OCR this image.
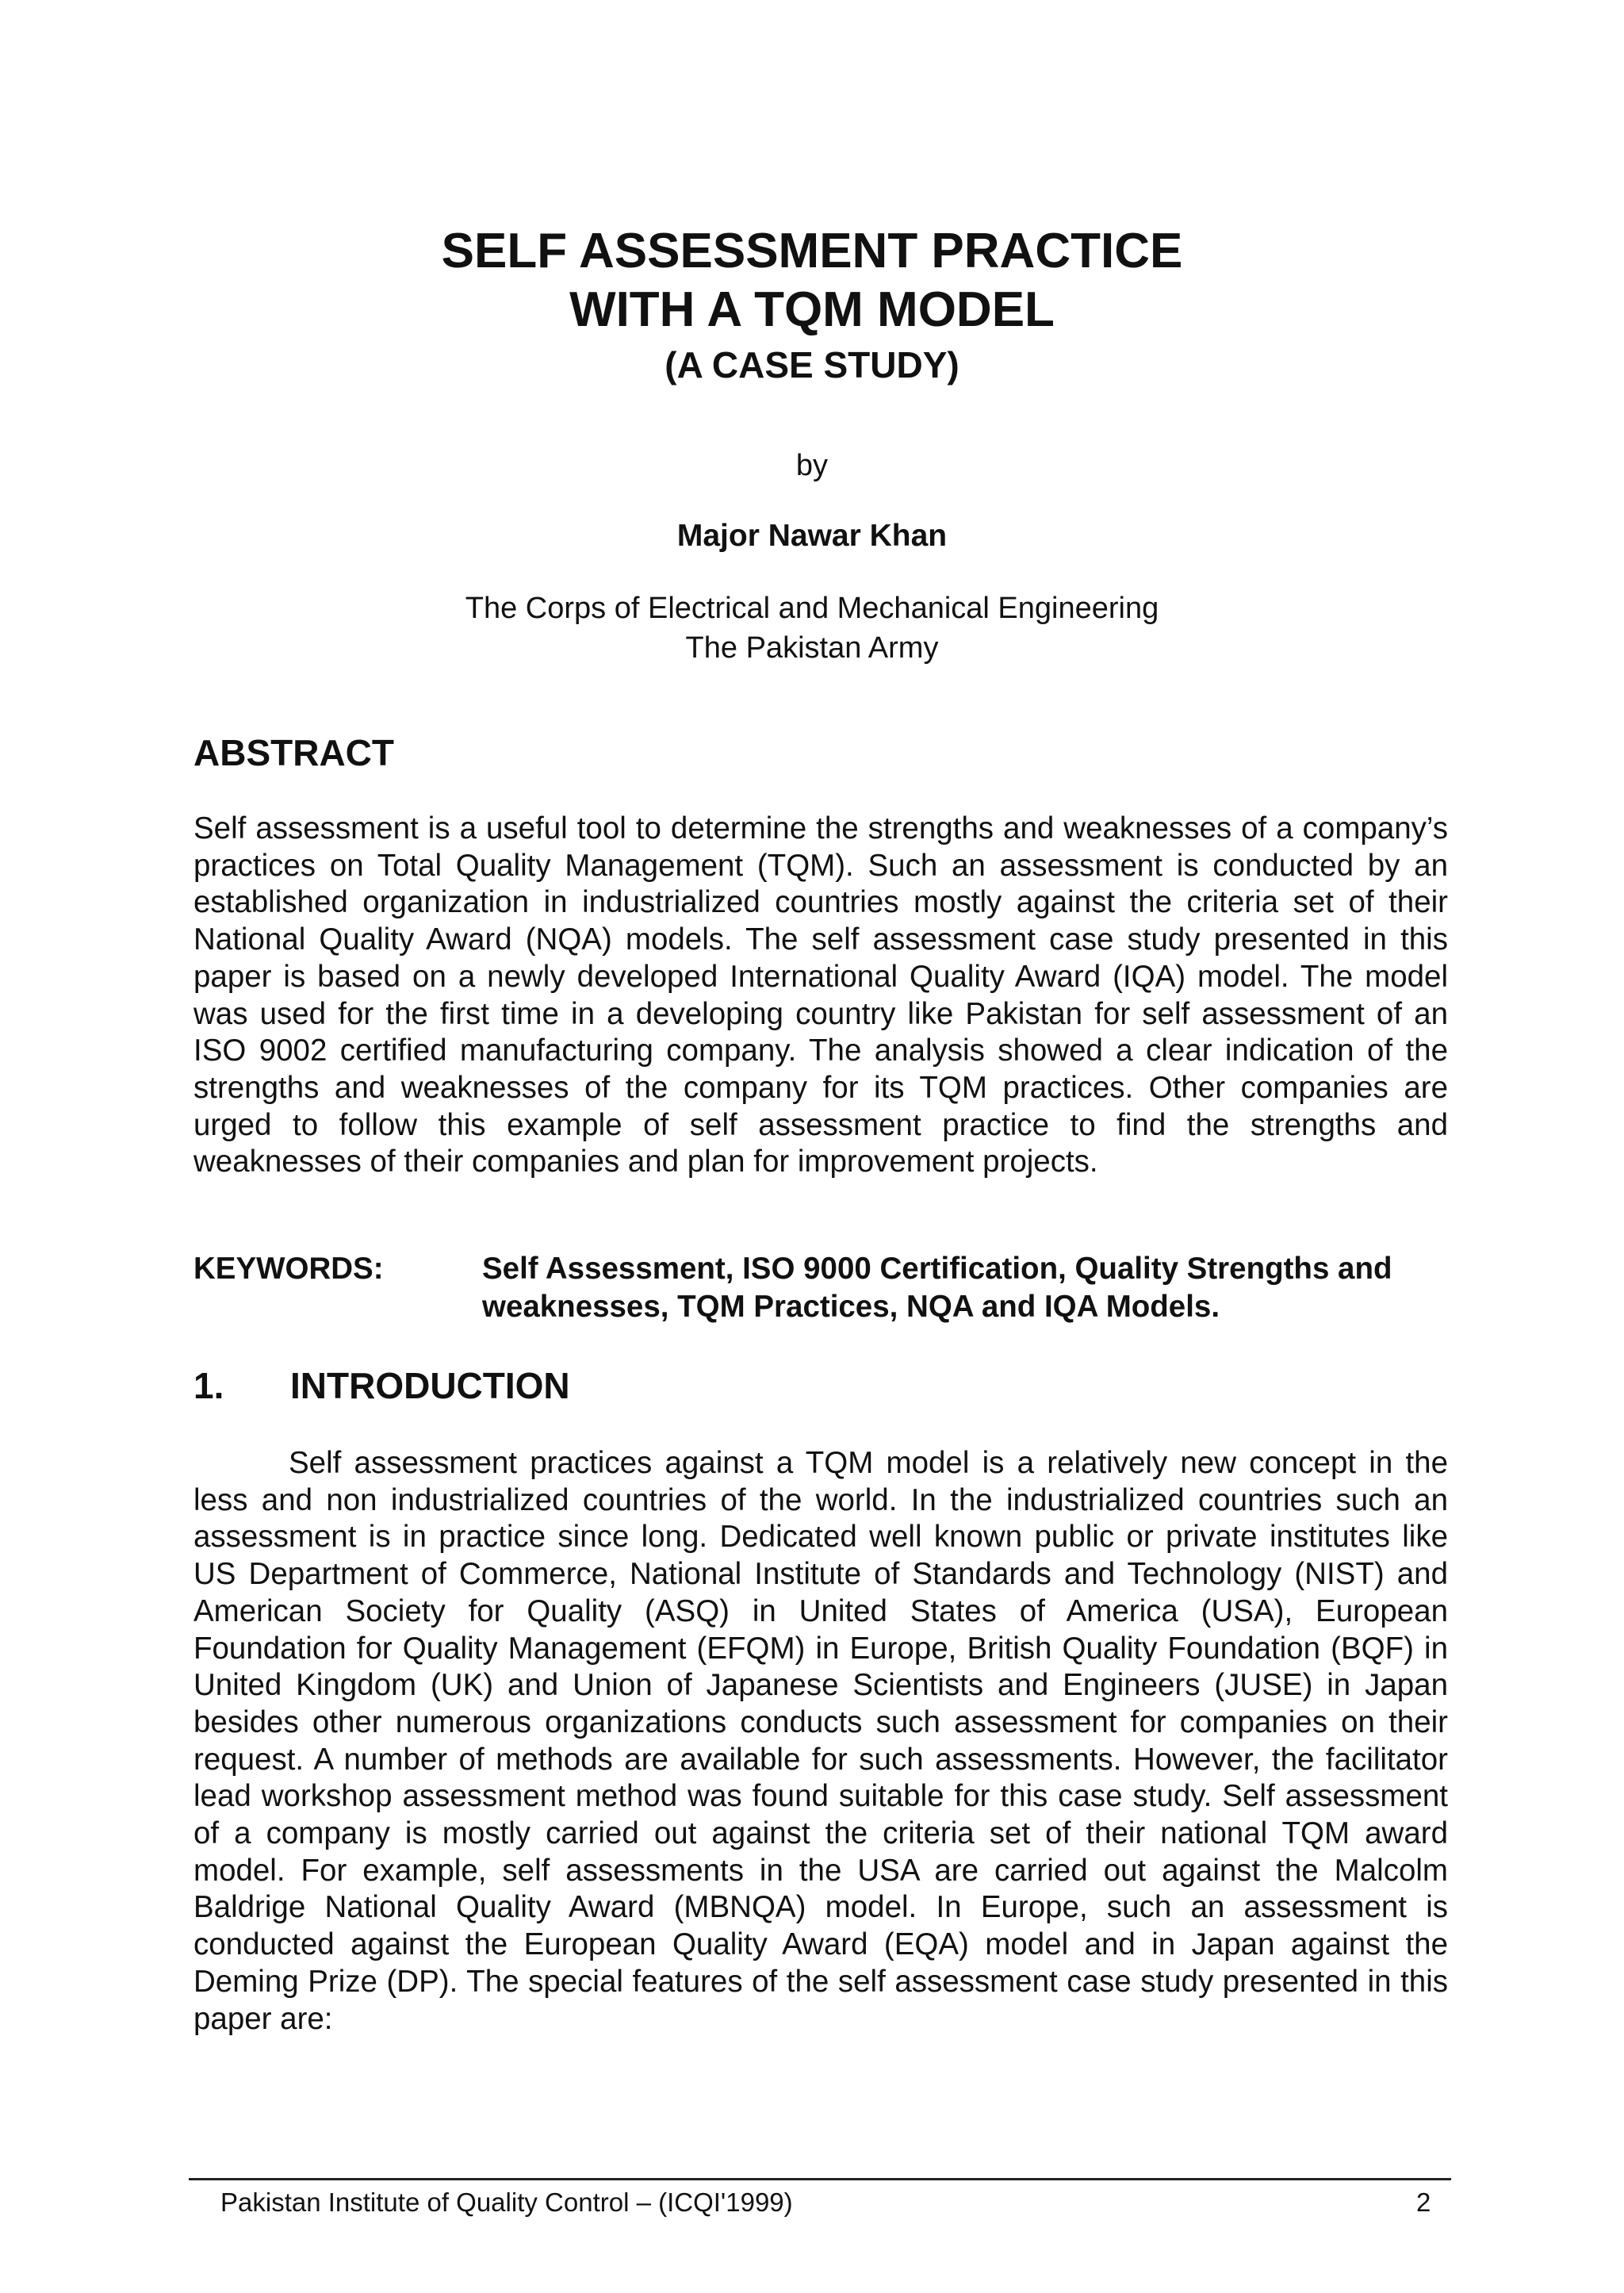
SELF ASSESSMENT PRACTICE
WITH A TQM MODEL
(A CASE STUDY)
by
Major Nawar Khan
The Corps of Electrical and Mechanical Engineering
The Pakistan Army
ABSTRACT
Self assessment is a useful tool to determine the strengths and weaknesses of a company’s practices on Total Quality Management (TQM). Such an assessment is conducted by an established organization in industrialized countries mostly against the criteria set of their National Quality Award (NQA) models. The self assessment case study presented in this paper is based on a newly developed International Quality Award (IQA) model. The model was used for the first time in a developing country like Pakistan for self assessment of an ISO 9002 certified manufacturing company. The analysis showed a clear indication of the strengths and weaknesses of the company for its TQM practices. Other companies are urged to follow this example of self assessment practice to find the strengths and weaknesses of their companies and plan for improvement projects.
KEYWORDS:	Self Assessment, ISO 9000 Certification, Quality Strengths and weaknesses, TQM Practices, NQA and IQA Models.
1.	INTRODUCTION
Self assessment practices against a TQM model is a relatively new concept in the less and non industrialized countries of the world. In the industrialized countries such an assessment is in practice since long. Dedicated well known public or private institutes like US Department of Commerce, National Institute of Standards and Technology (NIST) and American Society for Quality (ASQ) in United States of America (USA), European Foundation for Quality Management (EFQM) in Europe, British Quality Foundation (BQF) in United Kingdom (UK) and Union of Japanese Scientists and Engineers (JUSE) in Japan besides other numerous organizations conducts such assessment for companies on their request. A number of methods are available for such assessments. However, the facilitator lead workshop assessment method was found suitable for this case study. Self assessment of a company is mostly carried out against the criteria set of their national TQM award model. For example, self assessments in the USA are carried out against the Malcolm Baldrige National Quality Award (MBNQA) model. In Europe, such an assessment is conducted against the European Quality Award (EQA) model and in Japan against the Deming Prize (DP). The special features of the self assessment case study presented in this paper are:
Pakistan Institute of Quality Control – (ICQI'1999)	2
